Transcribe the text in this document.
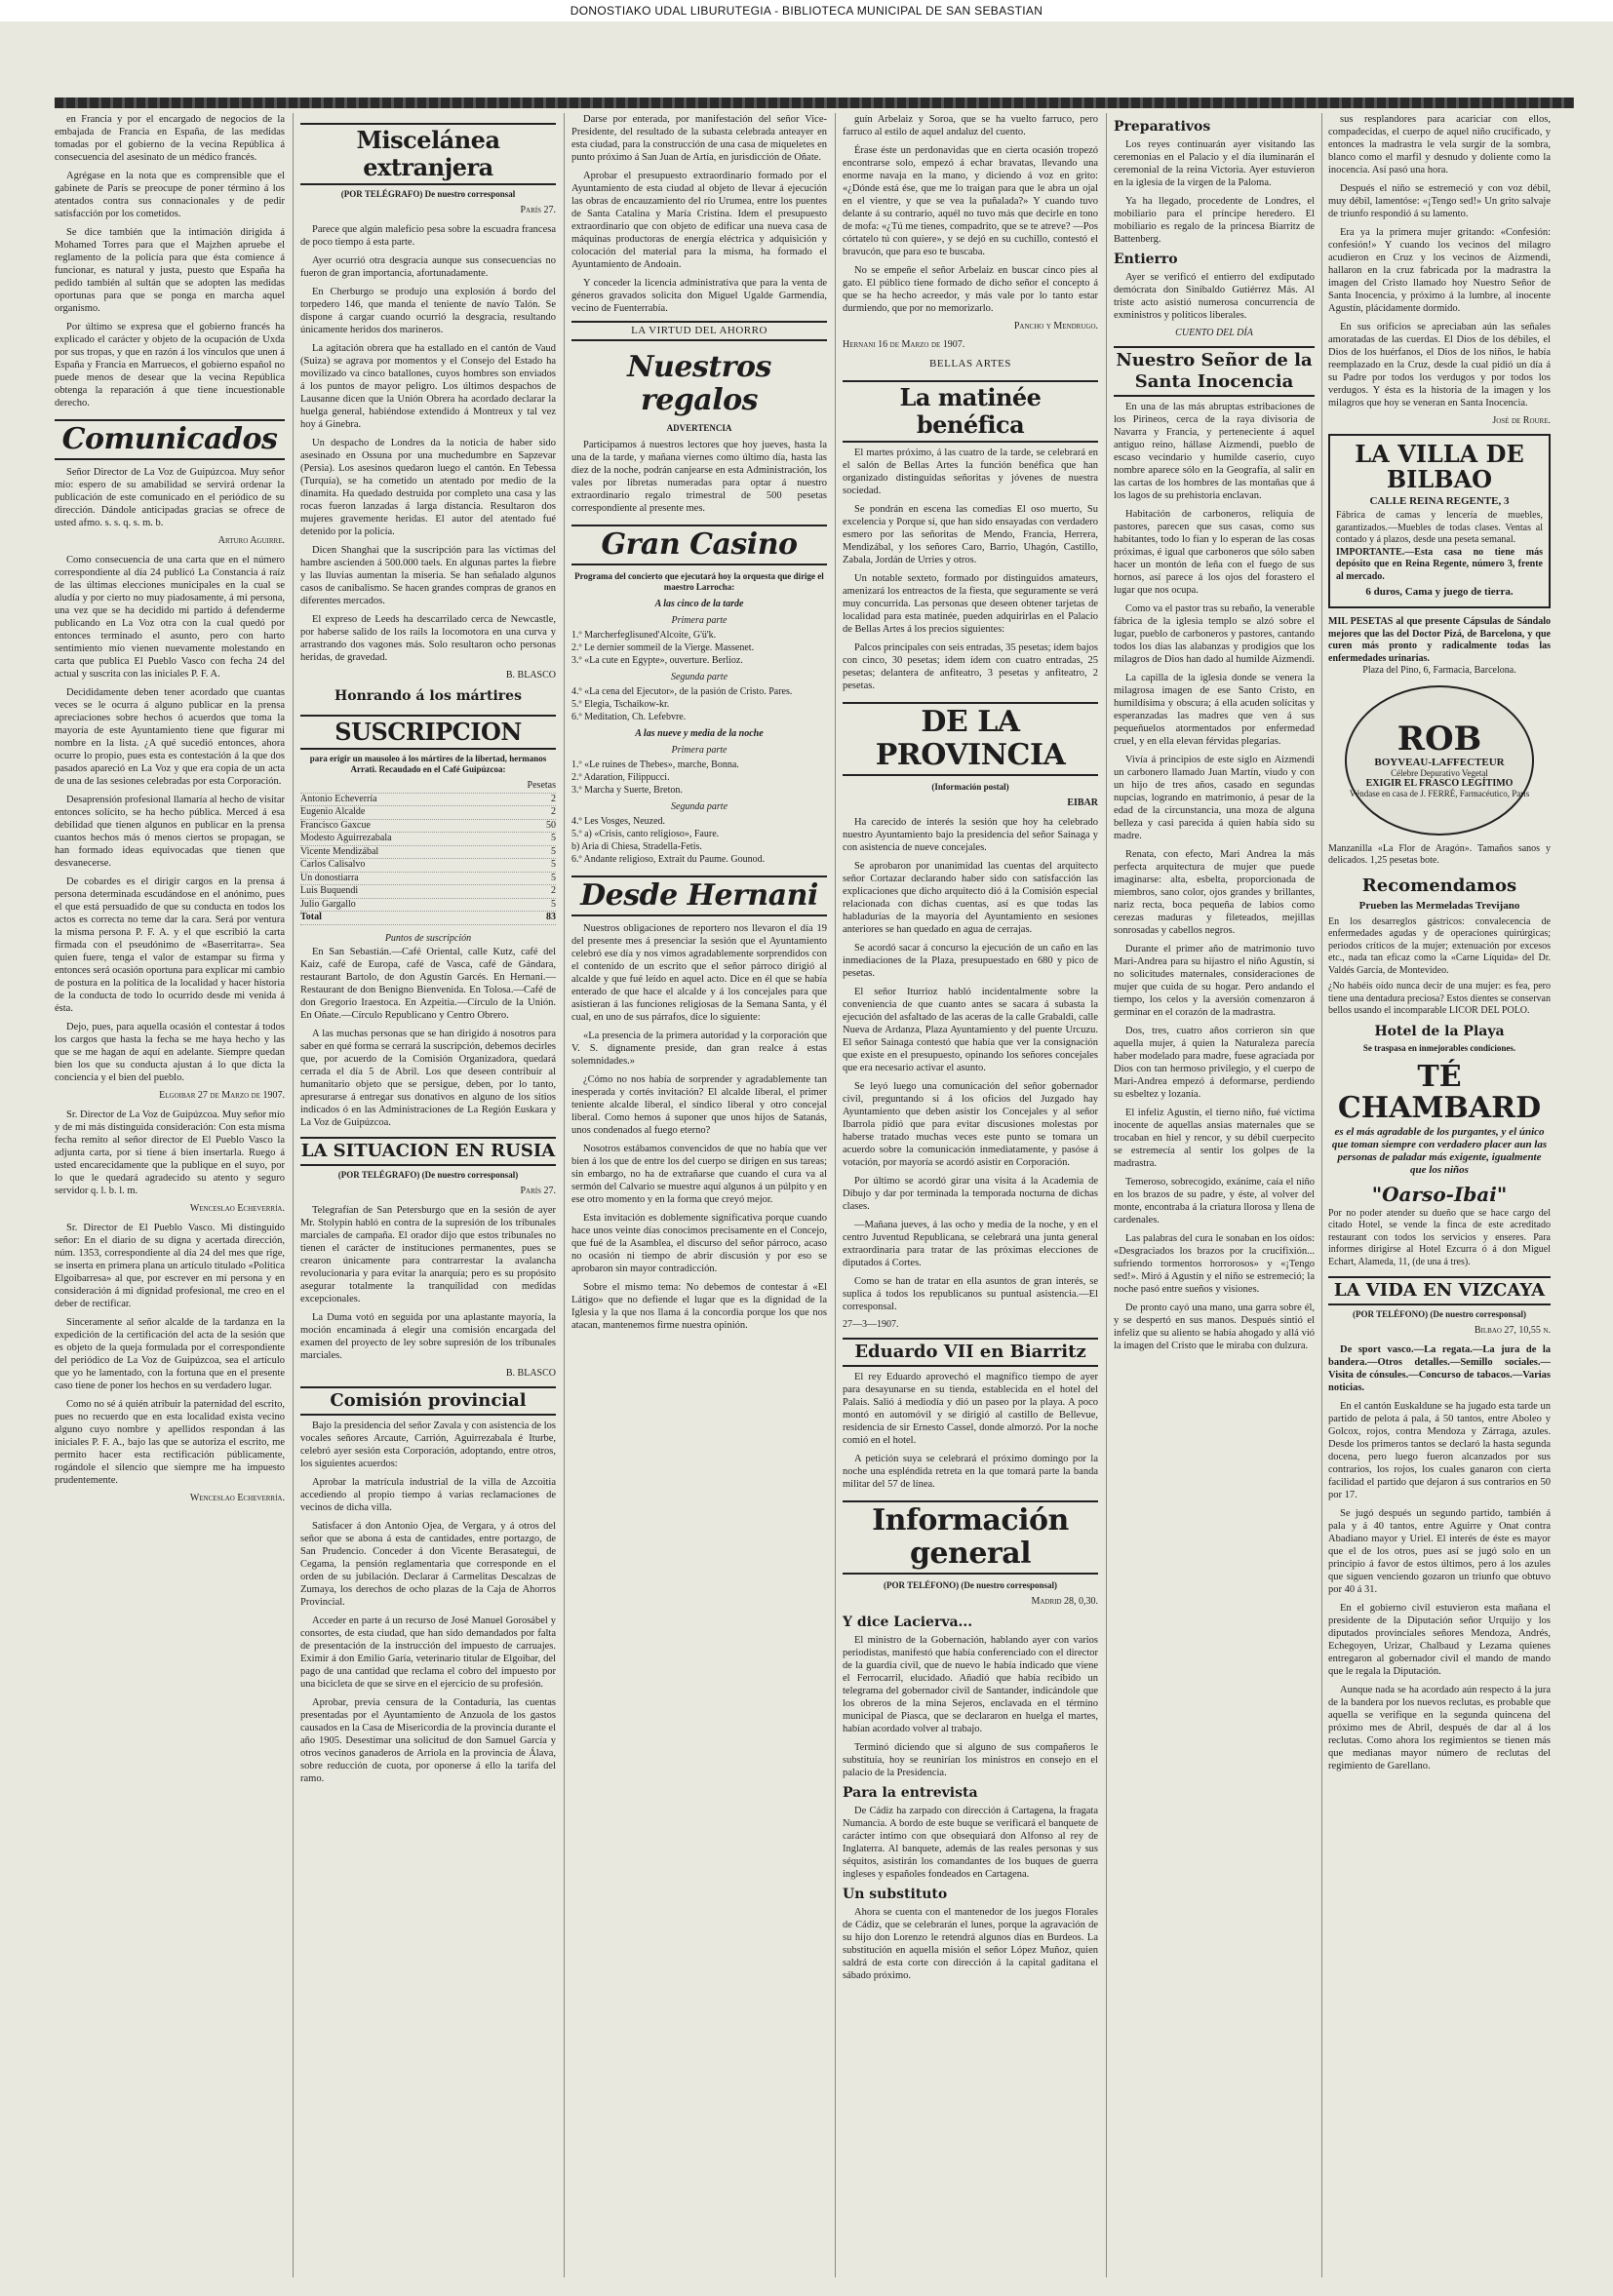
DONOSTIAKO UDAL LIBURUTEGIA - BIBLIOTECA MUNICIPAL DE SAN SEBASTIAN

en Francia y por el encargado de negocios de la embajada de Francia en España, de las medidas tomadas por el gobierno de la vecina República á consecuencia del asesinato de un médico francés.

Agrégase en la nota que es comprensible que el gabinete de París se preocupe de poner término á los atentados contra sus connacionales y de pedir satisfacción por los cometidos.

Se dice también que la intimación dirigida á Mohamed Torres para que el Majzhen apruebe el reglamento de la policía para que ésta comience á funcionar, es natural y justa, puesto que España ha pedido también al sultán que se adopten las medidas oportunas para que se ponga en marcha aquel organismo.

Por último se expresa que el gobierno francés ha explicado el carácter y objeto de la ocupación de Uxda por sus tropas, y que en razón á los vínculos que unen á España y Francia en Marruecos, el gobierno español no puede menos de desear que la vecina República obtenga la reparación á que tiene incuestionable derecho.

Comunicados

Señor Director de La Voz de Guipúzcoa. Muy señor mío: espero de su amabilidad se servirá ordenar la publicación de este comunicado en el periódico de su dirección. Dándole anticipadas gracias se ofrece de usted afmo. s. s. q. s. m. b.

Arturo Aguirre.

Como consecuencia de una carta que en el número correspondiente al día 24 publicó La Constancia á raíz de las últimas elecciones municipales en la cual se aludía y por cierto no muy piadosamente, á mi persona, una vez que se ha decidido mi partido á defenderme publicando en La Voz otra con la cual quedó por entonces terminado el asunto, pero con harto sentimiento mío vienen nuevamente molestando en carta que publica El Pueblo Vasco con fecha 24 del actual y suscrita con las iniciales P. F. A.

Decididamente deben tener acordado que cuantas veces se le ocurra á alguno publicar en la prensa apreciaciones sobre hechos ó acuerdos que toma la mayoría de este Ayuntamiento tiene que figurar mi nombre en la lista. ¿A qué sucedió entonces, ahora ocurre lo propio, pues esta es contestación á la que dos pasados apareció en La Voz y que era copia de un acta de una de las sesiones celebradas por esta Corporación.

Desaprensión profesional llamaría al hecho de visitar entonces solícito, se ha hecho pública. Merced á esa debilidad que tienen algunos en publicar en la prensa cuantos hechos más ó menos ciertos se propagan, se han formado ideas equivocadas que tienen que desvanecerse.

De cobardes es el dirigir cargos en la prensa á persona determinada escudándose en el anónimo, pues el que está persuadido de que su conducta en todos los actos es correcta no teme dar la cara. Será por ventura la misma persona P. F. A. y el que escribió la carta firmada con el pseudónimo de «Baserritarra». Sea quien fuere, tenga el valor de estampar su firma y entonces será ocasión oportuna para explicar mi cambio de postura en la política de la localidad y hacer historia de la conducta de todo lo ocurrido desde mi venida á ésta.

Dejo, pues, para aquella ocasión el contestar á todos los cargos que hasta la fecha se me haya hecho y las que se me hagan de aquí en adelante. Siempre quedan bien los que su conducta ajustan á lo que dicta la conciencia y el bien del pueblo.

Elgoibar 27 de Marzo de 1907.

Sr. Director de La Voz de Guipúzcoa. Muy señor mío y de mi más distinguida consideración: Con esta misma fecha remito al señor director de El Pueblo Vasco la adjunta carta, por si tiene á bien insertarla. Ruego á usted encarecidamente que la publique en el suyo, por lo que le quedará agradecido su atento y seguro servidor q. l. b. l. m.

Wenceslao Echeverría.

Sr. Director de El Pueblo Vasco. Mi distinguido señor: En el diario de su digna y acertada dirección, núm. 1353, correspondiente al día 24 del mes que rige, se inserta en primera plana un artículo titulado «Política Elgoibarresa» al que, por escrever en mí persona y en consideración á mi dignidad profesional, me creo en el deber de rectificar.

Sinceramente al señor alcalde de la tardanza en la expedición de la certificación del acta de la sesión que es objeto de la queja formulada por el correspondiente del periódico de La Voz de Guipúzcoa, sea el artículo que yo he lamentado, con la fortuna que en el presente caso tiene de poner los hechos en su verdadero lugar.

Como no sé á quién atribuir la paternidad del escrito, pues no recuerdo que en esta localidad exista vecino alguno cuyo nombre y apellidos respondan á las iniciales P. F. A., bajo las que se autoriza el escrito, me permito hacer esta rectificación públicamente, rogándole el silencio que siempre me ha impuesto prudentemente.

Wenceslao Echeverría.
Miscelánea extranjera
(POR TELÉGRAFO) De nuestro corresponsal
París 27.

Parece que algún maleficio pesa sobre la escuadra francesa de poco tiempo á esta parte.

Ayer ocurrió otra desgracia aunque sus consecuencias no fueron de gran importancia, afortunadamente.

En Cherburgo se produjo una explosión á bordo del torpedero 146, que manda el teniente de navío Talón. Se dispone á cargar cuando ocurrió la desgracia, resultando únicamente heridos dos marineros.

La agitación obrera que ha estallado en el cantón de Vaud (Suiza) se agrava por momentos y el Consejo del Estado ha movilizado va cinco batallones, cuyos hombres son enviados á los puntos de mayor peligro. Los últimos despachos de Lausanne dicen que la Unión Obrera ha acordado declarar la huelga general, habiéndose extendido á Montreux y tal vez hoy á Ginebra.

Un despacho de Londres da la noticia de haber sido asesinado en Ossuna por una muchedumbre en Sapzevar (Persia). Los asesinos quedaron luego el cantón. En Tebessa (Turquía), se ha cometido un atentado por medio de la dinamita. Ha quedado destruida por completo una casa y las rocas fueron lanzadas á larga distancia. Resultaron dos mujeres gravemente heridas. El autor del atentado fué detenido por la policía.

Dicen Shanghai que la suscripción para las víctimas del hambre ascienden á 500.000 taels. En algunas partes la fiebre y las lluvias aumentan la miseria. Se han señalado algunos casos de canibalismo. Se hacen grandes compras de granos en diferentes mercados.

El expreso de Leeds ha descarrilado cerca de Newcastle, por haberse salido de los rails la locomotora en una curva y arrastrando dos vagones más. Solo resultaron ocho personas heridas, de gravedad.

B. BLASCO
Honrando á los mártires
SUSCRIPCION
para erigir un mausoleo á los mártires de la libertad, hermanos Arrati. Recaudado en el Café Guipúzcoa:
Pesetas
Antonio Echeverría	2
Eugenio Alcalde	2
Francisco Gaxcue	50
Modesto Aguirrezabala	5
Vicente Mendizábal	5
Carlos Calisalvo	5
Un donostiarra	5
Luis Buquendi	2
Julio Gargallo	5
Total	83
Puntos de suscripción

En San Sebastián.—Café Oriental, calle Kutz, café del Kaiz, café de Europa, café de Vasca, café de Gándara, restaurant Bartolo, de don Agustín Garcés. En Hernani.—Restaurant de don Benigno Bienvenida. En Tolosa.—Café de don Gregorio Iraestoca. En Azpeitia.—Círculo de la Unión. En Oñate.—Círculo Republicano y Centro Obrero.

A las muchas personas que se han dirigido á nosotros para saber en qué forma se cerrará la suscripción, debemos decirles que, por acuerdo de la Comisión Organizadora, quedará cerrada el día 5 de Abril. Los que deseen contribuir al humanitario objeto que se persigue, deben, por lo tanto, apresurarse á entregar sus donativos en alguno de los sitios indicados ó en las Administraciones de La Región Euskara y La Voz de Guipúzcoa.

LA SITUACION EN RUSIA
(POR TELÉGRAFO) (De nuestro corresponsal)
París 27.

Telegrafían de San Petersburgo que en la sesión de ayer Mr. Stolypin habló en contra de la supresión de los tribunales marciales de campaña. El orador dijo que estos tribunales no tienen el carácter de instituciones permanentes, pues se crearon únicamente para contrarrestar la avalancha revolucionaria y para evitar la anarquía; pero es su propósito asegurar totalmente la tranquilidad con medidas excepcionales.

La Duma votó en seguida por una aplastante mayoría, la moción encaminada á elegir una comisión encargada del examen del proyecto de ley sobre supresión de los tribunales marciales.

B. BLASCO
Comisión provincial

Bajo la presidencia del señor Zavala y con asistencia de los vocales señores Arcaute, Carrión, Aguirrezabala é Iturbe, celebró ayer sesión esta Corporación, adoptando, entre otros, los siguientes acuerdos:

Aprobar la matrícula industrial de la villa de Azcoitia accediendo al propio tiempo á varias reclamaciones de vecinos de dicha villa.

Satisfacer á don Antonio Ojea, de Vergara, y á otros del señor que se abona á esta de cantidades, entre portazgo, de San Prudencio. Conceder á don Vicente Berasategui, de Cegama, la pensión reglamentaria que corresponde en el orden de su jubilación. Declarar á Carmelitas Descalzas de Zumaya, los derechos de ocho plazas de la Caja de Ahorros Provincial.

Acceder en parte á un recurso de José Manuel Gorosábel y consortes, de esta ciudad, que han sido demandados por falta de presentación de la instrucción del impuesto de carruajes. Eximir á don Emilio Garía, veterinario titular de Elgoibar, del pago de una cantidad que reclama el cobro del impuesto por una bicicleta de que se sirve en el ejercicio de su profesión.

Aprobar, previa censura de la Contaduría, las cuentas presentadas por el Ayuntamiento de Anzuola de los gastos causados en la Casa de Misericordia de la provincia durante el año 1905. Desestimar una solicitud de don Samuel García y otros vecinos ganaderos de Arriola en la provincia de Álava, sobre reducción de cuota, por oponerse á ello la tarifa del ramo.

Darse por enterada, por manifestación del señor Vice-Presidente, del resultado de la subasta celebrada anteayer en esta ciudad, para la construcción de una casa de miqueletes en punto próximo á San Juan de Artía, en jurisdicción de Oñate.

Aprobar el presupuesto extraordinario formado por el Ayuntamiento de esta ciudad al objeto de llevar á ejecución las obras de encauzamiento del río Urumea, entre los puentes de Santa Catalina y María Cristina. Idem el presupuesto extraordinario que con objeto de edificar una nueva casa de máquinas productoras de energía eléctrica y adquisición y colocación del material para la misma, ha formado el Ayuntamiento de Andoain.

Y conceder la licencia administrativa que para la venta de géneros gravados solicita don Miguel Ugalde Garmendia, vecino de Fuenterrabía.

LA VIRTUD DEL AHORRO
Nuestros regalos
ADVERTENCIA

Participamos á nuestros lectores que hoy jueves, hasta la una de la tarde, y mañana viernes como último día, hasta las diez de la noche, podrán canjearse en esta Administración, los vales por libretas numeradas para optar á nuestro extraordinario regalo trimestral de 500 pesetas correspondiente al presente mes.

Gran Casino
Programa del concierto que ejecutará hoy la orquesta que dirige el maestro Larrocha:
A las cinco de la tarde
Primera parte
1.º Marcherfeglisuned'Alcoite, G'ü'k.
2.º Le dernier sommeil de la Vierge. Massenet.
3.º «La cute en Egypte», ouverture. Berlioz.
Segunda parte
4.º «La cena del Ejecutor», de la pasión de Cristo. Pares.
5.º Elegia, Tschaikow-kr.
6.º Meditation, Ch. Lefebvre.
A las nueve y media de la noche
Primera parte
1.º «Le ruines de Thebes», marche, Bonna.
2.º Adaration, Filippucci.
3.º Marcha y Suerte, Breton.
Segunda parte
4.º Les Vosges, Neuzed.
5.º a) «Crisis, canto religioso», Faure.
b) Aria di Chiesa, Stradella-Fetis.
6.º Andante religioso, Extrait du Paume. Gounod.
Desde Hernani

Nuestros obligaciones de reportero nos llevaron el día 19 del presente mes á presenciar la sesión que el Ayuntamiento celebró ese día y nos vimos agradablemente sorprendidos con el contenido de un escrito que el señor párroco dirigió al alcalde y que fué leído en aquel acto. Dice en él que se había enterado de que hace el alcalde y á los concejales para que asistieran á las funciones religiosas de la Semana Santa, y él cual, en uno de sus párrafos, dice lo siguiente:

«La presencia de la primera autoridad y la corporación que V. S. dignamente preside, dan gran realce á estas solemnidades.»

¿Cómo no nos había de sorprender y agradablemente tan inesperada y cortés invitación? El alcalde liberal, el primer teniente alcalde liberal, el síndico liberal y otro concejal liberal. Como hemos á suponer que unos hijos de Satanás, unos condenados al fuego eterno?

Nosotros estábamos convencidos de que no había que ver bien á los que de entre los del cuerpo se dirigen en sus tareas; sin embargo, no ha de extrañarse que cuando el cura va al sermón del Calvario se muestre aquí algunos á un púlpito y en ese otro momento y en la forma que creyó mejor.

Esta invitación es doblemente significativa porque cuando hace unos veinte días conocimos precisamente en el Concejo, que fué de la Asamblea, el discurso del señor párroco, acaso no ocasión ni tiempo de abrir discusión y por eso se aprobaron sin mayor contradicción.

Sobre el mismo tema: No debemos de contestar á «El Látigo» que no defiende el lugar que es la dignidad de la Iglesia y la que nos llama á la concordia porque los que nos atacan, mantenemos firme nuestra opinión.

guín Arbelaiz y Soroa, que se ha vuelto farruco, pero farruco al estilo de aquel andaluz del cuento.

Érase éste un perdonavidas que en cierta ocasión tropezó encontrarse solo, empezó á echar bravatas, llevando una enorme navaja en la mano, y diciendo á voz en grito: «¿Dónde está ése, que me lo traigan para que le abra un ojal en el vientre, y que se vea la puñalada?» Y cuando tuvo delante á su contrario, aquél no tuvo más que decirle en tono de mofa: «¿Tú me tienes, compadrito, que se te atreve? —Pos córtatelo tú con quiere», y se dejó en su cuchillo, contestó el bravucón, que para eso te buscaba.

No se empeñe el señor Arbelaiz en buscar cinco pies al gato. El público tiene formado de dicho señor el concepto á que se ha hecho acreedor, y más vale por lo tanto estar durmiendo, que por no memorizarlo.

Pancho y Mendrugo.
Hernani 16 de Marzo de 1907.
BELLAS ARTES
La matinée benéfica

El martes próximo, á las cuatro de la tarde, se celebrará en el salón de Bellas Artes la función benéfica que han organizado distinguidas señoritas y jóvenes de nuestra sociedad.

Se pondrán en escena las comedias El oso muerto, Su excelencia y Porque sí, que han sido ensayadas con verdadero esmero por las señoritas de Mendo, Francia, Herrera, Mendizábal, y los señores Caro, Barrio, Uhagón, Castillo, Zabala, Jordán de Urries y otros.

Un notable sexteto, formado por distinguidos amateurs, amenizará los entreactos de la fiesta, que seguramente se verá muy concurrida. Las personas que deseen obtener tarjetas de localidad para esta matinée, pueden adquirirlas en el Palacio de Bellas Artes á los precios siguientes:

Palcos principales con seis entradas, 35 pesetas; idem bajos con cinco, 30 pesetas; idem ídem con cuatro entradas, 25 pesetas; delantera de anfiteatro, 3 pesetas y anfiteatro, 2 pesetas.

DE LA PROVINCIA
(Información postal)
EIBAR

Ha carecido de interés la sesión que hoy ha celebrado nuestro Ayuntamiento bajo la presidencia del señor Sainaga y con asistencia de nueve concejales.

Se aprobaron por unanimidad las cuentas del arquitecto señor Cortazar declarando haber sido con satisfacción las explicaciones que dicho arquitecto dió á la Comisión especial relacionada con dichas cuentas, así es que todas las habladurías de la mayoría del Ayuntamiento en sesiones anteriores se han quedado en agua de cerrajas.

Se acordó sacar á concurso la ejecución de un caño en las inmediaciones de la Plaza, presupuestado en 680 y pico de pesetas.

El señor Iturrioz habló incidentalmente sobre la conveniencia de que cuanto antes se sacara á subasta la ejecución del asfaltado de las aceras de la calle Grabaldi, calle Nueva de Ardanza, Plaza Ayuntamiento y del puente Urcuzu. El señor Sainaga contestó que había que ver la consignación que existe en el presupuesto, opinando los señores concejales que era necesario activar el asunto.

Se leyó luego una comunicación del señor gobernador civil, preguntando si á los oficios del Juzgado hay Ayuntamiento que deben asistir los Concejales y al señor Ibarrola pidió que para evitar discusiones molestas por haberse tratado muchas veces este punto se tomara un acuerdo sobre la comunicación inmediatamente, y pasóse á votación, por mayoría se acordó asistir en Corporación.

Por último se acordó girar una visita á la Academia de Dibujo y dar por terminada la temporada nocturna de dichas clases.

—Mañana jueves, á las ocho y media de la noche, y en el centro Juventud Republicana, se celebrará una junta general extraordinaria para tratar de las próximas elecciones de diputados á Cortes.

Como se han de tratar en ella asuntos de gran interés, se suplica á todos los republicanos su puntual asistencia.—El corresponsal.

27—3—1907.
Eduardo VII en Biarritz

El rey Eduardo aprovechó el magnífico tiempo de ayer para desayunarse en su tienda, establecida en el hotel del Palais. Salió á mediodía y dió un paseo por la playa. A poco montó en automóvil y se dirigió al castillo de Bellevue, residencia de sir Ernesto Cassel, donde almorzó. Por la noche comió en el hotel.

A petición suya se celebrará el próximo domingo por la noche una espléndida retreta en la que tomará parte la banda militar del 57 de línea.

Información general
(POR TELÉFONO) (De nuestro corresponsal)
Madrid 28, 0,30.
Y dice Lacierva...

El ministro de la Gobernación, hablando ayer con varios periodistas, manifestó que había conferenciado con el director de la guardia civil, que de nuevo le había indicado que viene el Ferrocarril, elucidado. Añadió que había recibido un telegrama del gobernador civil de Santander, indicándole que los obreros de la mina Sejeros, enclavada en el término municipal de Piasca, que se declararon en huelga el martes, habían acordado volver al trabajo.

Terminó diciendo que si alguno de sus compañeros le substituía, hoy se reunirían los ministros en consejo en el palacio de la Presidencia.

Para la entrevista

De Cádiz ha zarpado con dirección á Cartagena, la fragata Numancia. A bordo de este buque se verificará el banquete de carácter intimo con que obsequiará don Alfonso al rey de Inglaterra. Al banquete, además de las reales personas y sus séquitos, asistirán los comandantes de los buques de guerra ingleses y españoles fondeados en Cartagena.

Un substituto

Ahora se cuenta con el mantenedor de los juegos Florales de Cádiz, que se celebrarán el lunes, porque la agravación de su hijo don Lorenzo le retendrá algunos días en Burdeos. La substitución en aquella misión el señor López Muñoz, quien saldrá de esta corte con dirección á la capital gaditana el sábado próximo.

Preparativos

Los reyes continuarán ayer visitando las ceremonias en el Palacio y el día iluminarán el ceremonial de la reina Victoria. Ayer estuvieron en la iglesia de la virgen de la Paloma.

Ya ha llegado, procedente de Londres, el mobiliario para el príncipe heredero. El mobiliario es regalo de la princesa Biarritz de Battenberg.

Entierro

Ayer se verificó el entierro del exdiputado demócrata don Sinibaldo Gutiérrez Más. Al triste acto asistió numerosa concurrencia de exministros y políticos liberales.

CUENTO DEL DÍA
Nuestro Señor de la Santa Inocencia

En una de las más abruptas estribaciones de los Pirineos, cerca de la raya divisoria de Navarra y Francia, y perteneciente á aquel antiguo reino, hállase Aizmendi, pueblo de escaso vecindario y humilde caserío, cuyo nombre aparece sólo en la Geografía, al salir en las cartas de los hombres de las montañas que á los lagos de su prehistoria enclavan.

Habitación de carboneros, reliquia de pastores, parecen que sus casas, como sus habitantes, todo lo fían y lo esperan de las cosas próximas, é igual que carboneros que sólo saben hacer un montón de leña con el fuego de sus hornos, así parece á los ojos del forastero el lugar que nos ocupa.

Como va el pastor tras su rebaño, la venerable fábrica de la iglesia templo se alzó sobre el lugar, pueblo de carboneros y pastores, cantando todos los días las alabanzas y prodigios que los milagros de Dios han dado al humilde Aizmendi.

La capilla de la iglesia donde se venera la milagrosa imagen de ese Santo Cristo, en humildísima y obscura; á ella acuden solícitas y esperanzadas las madres que ven á sus pequeñuelos atormentados por enfermedad cruel, y en ella elevan férvidas plegarias.

Vivía á principios de este siglo en Aizmendi un carbonero llamado Juan Martín, viudo y con un hijo de tres años, casado en segundas nupcias, logrando en matrimonio, á pesar de la edad de la circunstancia, una moza de alguna belleza y casi parecida á quien había sido su madre.

Renata, con efecto, Mari Andrea la más perfecta arquitectura de mujer que puede imaginarse: alta, esbelta, proporcionada de miembros, sano color, ojos grandes y brillantes, nariz recta, boca pequeña de labios como cerezas maduras y fileteados, mejillas sonrosadas y cabellos negros.

Durante el primer año de matrimonio tuvo Mari-Andrea para su hijastro el niño Agustín, si no solicitudes maternales, consideraciones de mujer que cuida de su hogar. Pero andando el tiempo, los celos y la aversión comenzaron á germinar en el corazón de la madrastra.

Dos, tres, cuatro años corrieron sin que aquella mujer, á quien la Naturaleza parecía haber modelado para madre, fuese agraciada por Dios con tan hermoso privilegio, y el cuerpo de Mari-Andrea empezó á deformarse, perdiendo su esbeltez y lozanía.

El infeliz Agustín, el tierno niño, fué víctima inocente de aquellas ansias maternales que se trocaban en hiel y rencor, y su débil cuerpecito se estremecía al sentir los golpes de la madrastra.

Temeroso, sobrecogido, exánime, caía el niño en los brazos de su padre, y éste, al volver del monte, encontraba á la criatura llorosa y llena de cardenales.

Las palabras del cura le sonaban en los oídos: «Desgraciados los brazos por la crucifixión... sufriendo tormentos horrorosos» y «¡Tengo sed!». Miró á Agustín y el niño se estremeció; la noche pasó entre sueños y visiones.

De pronto cayó una mano, una garra sobre él, y se despertó en sus manos. Después sintió el infeliz que su aliento se había ahogado y allá vió la imagen del Cristo que le miraba con dulzura.

sus resplandores para acariciar con ellos, compadecidas, el cuerpo de aquel niño crucificado, y entonces la madrastra le vela surgir de la sombra, blanco como el marfil y desnudo y doliente como la inocencia. Así pasó una hora.

Después el niño se estremeció y con voz débil, muy débil, lamentóse: «¡Tengo sed!» Un grito salvaje de triunfo respondió á su lamento.

Era ya la primera mujer gritando: «Confesión: confesión!» Y cuando los vecinos del milagro acudieron en Cruz y los vecinos de Aizmendi, hallaron en la cruz fabricada por la madrastra la imagen del Cristo llamado hoy Nuestro Señor de Santa Inocencia, y próximo á la lumbre, al inocente Agustín, plácidamente dormido.

En sus orificios se apreciaban aún las señales amoratadas de las cuerdas. El Dios de los débiles, el Dios de los huérfanos, el Dios de los niños, le había reemplazado en la Cruz, desde la cual pidió un día á su Padre por todos los verdugos y por todos los verdugos. Y ésta es la historia de la imagen y los milagros que hoy se veneran en Santa Inocencia.

José de Roure.
LA VILLA DE BILBAO
CALLE REINA REGENTE, 3
Fábrica de camas y lencería de muebles, garantizados.—Muebles de todas clases. Ventas al contado y á plazos, desde una peseta semanal.
IMPORTANTE.—Esta casa no tiene más depósito que en Reina Regente, número 3, frente al mercado.
6 duros, Cama y juego de tierra.
MIL PESETAS al que presente Cápsulas de Sándalo mejores que las del Doctor Pizá, de Barcelona, y que curen más pronto y radicalmente todas las enfermedades urinarias.
Plaza del Pino, 6, Farmacia, Barcelona.
ROB
BOYVEAU-LAFFECTEUR
Célebre Depurativo Vegetal
EXIGIR EL FRASCO LEGÍTIMO
Véndase en casa de J. FERRÉ, Farmacéutico, París
Manzanilla «La Flor de Aragón». Tamaños sanos y delicados. 1,25 pesetas bote.
Recomendamos
Prueben las Mermeladas Trevijano
En los desarreglos gástricos: convalecencia de enfermedades agudas y de operaciones quirúrgicas; periodos críticos de la mujer; extenuación por excesos etc., nada tan eficaz como la «Carne Líquida» del Dr. Valdés García, de Montevideo.
¿No habéis oído nunca decir de una mujer: es fea, pero tiene una dentadura preciosa? Estos dientes se conservan bellos usando el incomparable LICOR DEL POLO.
Hotel de la Playa
Se traspasa en inmejorables condiciones.
TÉ CHAMBARD
es el más agradable de los purgantes, y el único que toman siempre con verdadero placer aun las personas de paladar más exigente, igualmente que los niños
"Oarso-Ibai"
Por no poder atender su dueño que se hace cargo del citado Hotel, se vende la finca de este acreditado restaurant con todos los servicios y enseres. Para informes dirigirse al Hotel Ezcurra ó á don Miguel Echart, Alameda, 11, (de una á tres).
LA VIDA EN VIZCAYA
(POR TELÉFONO) (De nuestro corresponsal)
Bilbao 27, 10,55 n.

De sport vasco.—La regata.—La jura de la bandera.—Otros detalles.—Semillo sociales.—Visita de cónsules.—Concurso de tabacos.—Varias noticias.

En el cantón Euskaldune se ha jugado esta tarde un partido de pelota á pala, á 50 tantos, entre Aboleo y Golcox, rojos, contra Mendoza y Zárraga, azules. Desde los primeros tantos se declaró la hasta segunda docena, pero luego fueron alcanzados por sus contrarios, los rojos, los cuales ganaron con cierta facilidad el partido que dejaron á sus contrarios en 50 por 17.

Se jugó después un segundo partido, también á pala y á 40 tantos, entre Aguirre y Onat contra Abadiano mayor y Uriel. El interés de éste es mayor que el de los otros, pues así se jugó solo en un principio á favor de estos últimos, pero á los azules que siguen venciendo gozaron un triunfo que obtuvo por 40 á 31.

En el gobierno civil estuvieron esta mañana el presidente de la Diputación señor Urquijo y los diputados provinciales señores Mendoza, Andrés, Echegoyen, Urizar, Chalbaud y Lezama quienes entregaron al gobernador civil el mando de mando que le regala la Diputación.

Aunque nada se ha acordado aún respecto á la jura de la bandera por los nuevos reclutas, es probable que aquella se verifique en la segunda quincena del próximo mes de Abril, después de dar al á los reclutas. Como ahora los regimientos se tienen más que medianas mayor número de reclutas del regimiento de Garellano.
